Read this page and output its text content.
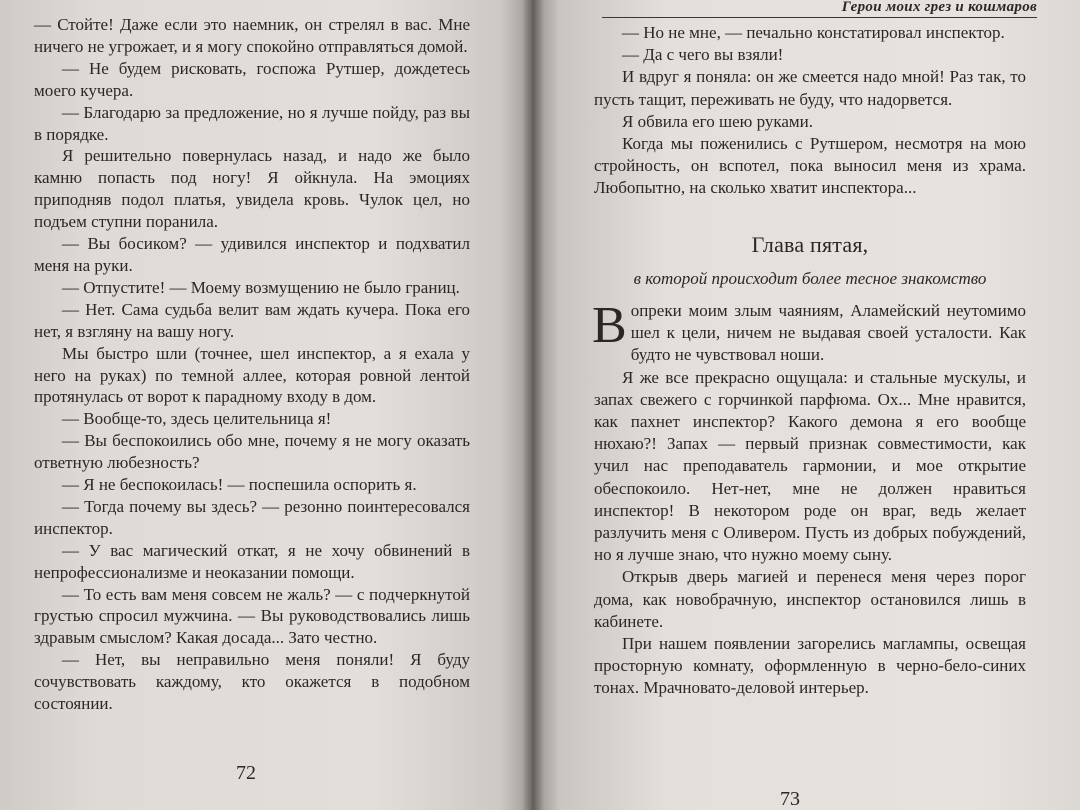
— Стойте! Даже если это наемник, он стрелял в вас. Мне ничего не угрожает, и я могу спокойно отправляться домой.

— Не будем рисковать, госпожа Рутшер, дождетесь моего кучера.

— Благодарю за предложение, но я лучше пойду, раз вы в порядке.

Я решительно повернулась назад, и надо же было камню попасть под ногу! Я ойкнула. На эмоциях приподняв подол платья, увидела кровь. Чулок цел, но подъем ступни поранила.

— Вы босиком? — удивился инспектор и подхватил меня на руки.

— Отпустите! — Моему возмущению не было границ.

— Нет. Сама судьба велит вам ждать кучера. Пока его нет, я взгляну на вашу ногу.

Мы быстро шли (точнее, шел инспектор, а я ехала у него на руках) по темной аллее, которая ровной лентой протянулась от ворот к парадному входу в дом.

— Вообще-то, здесь целительница я!

— Вы беспокоились обо мне, почему я не могу оказать ответную любезность?

— Я не беспокоилась! — поспешила оспорить я.

— Тогда почему вы здесь? — резонно поинтересовался инспектор.

— У вас магический откат, я не хочу обвинений в непрофессионализме и неоказании помощи.

— То есть вам меня совсем не жаль? — с подчеркнутой грустью спросил мужчина. — Вы руководствовались лишь здравым смыслом? Какая досада... Зато честно.

— Нет, вы неправильно меня поняли! Я буду сочувствовать каждому, кто окажется в подобном состоянии.

72
Герои моих грез и кошмаров

— Но не мне, — печально констатировал инспектор.

— Да с чего вы взяли!

И вдруг я поняла: он же смеется надо мной! Раз так, то пусть тащит, переживать не буду, что надорвется.

Я обвила его шею руками.

Когда мы поженились с Рутшером, несмотря на мою стройность, он вспотел, пока выносил меня из храма. Любопытно, на сколько хватит инспектора...

Глава пятая,
в которой происходит более тесное знакомство

Вопреки моим злым чаяниям, Аламейский неутомимо шел к цели, ничем не выдавая своей усталости. Как будто не чувствовал ноши.

Я же все прекрасно ощущала: и стальные мускулы, и запах свежего с горчинкой парфюма. Ох... Мне нравится, как пахнет инспектор? Какого демона я его вообще нюхаю?! Запах — первый признак совместимости, как учил нас преподаватель гармонии, и мое открытие обеспокоило. Нет-нет, мне не должен нравиться инспектор! В некотором роде он враг, ведь желает разлучить меня с Оливером. Пусть из добрых побуждений, но я лучше знаю, что нужно моему сыну.

Открыв дверь магией и перенеся меня через порог дома, как новобрачную, инспектор остановился лишь в кабинете.

При нашем появлении загорелись маглампы, освещая просторную комнату, оформленную в черно-бело-синих тонах. Мрачновато-деловой интерьер.

73
